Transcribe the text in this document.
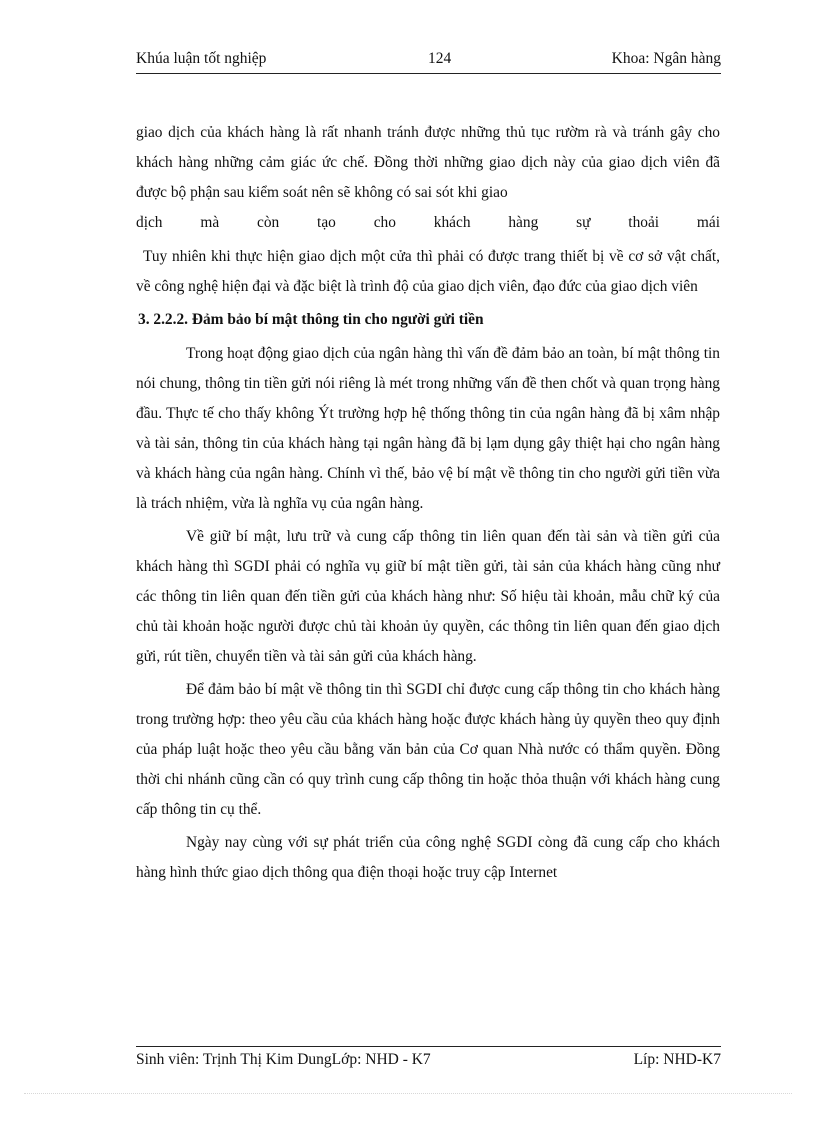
Khúa luận tốt nghiệp	124	Khoa: Ngân hàng

giao dịch của khách hàng là rất nhanh tránh được những thủ tục rườm rà và tránh gây cho khách hàng những cảm giác ức chế. Đồng thời những giao dịch này của giao dịch viên đã được bộ phận sau kiểm soát nên sẽ không có sai sót khi giao
dịch mà còn tạo cho khách hàng sự thoải mái

Tuy nhiên khi thực hiện giao dịch một cửa thì phải có được trang thiết bị về cơ sở vật chất, về công nghệ hiện đại và đặc biệt là trình độ của giao dịch viên, đạo đức của giao dịch viên

3. 2.2.2. Đảm bảo bí mật thông tin cho người gửi tiền

Trong hoạt động giao dịch của ngân hàng thì vấn đề đảm bảo an toàn, bí mật thông tin nói chung, thông tin tiền gửi nói riêng là mét trong những vấn đề then chốt và quan trọng hàng đầu. Thực tế cho thấy không Ýt trường hợp hệ thống thông tin của ngân hàng đã bị xâm nhập và tài sản, thông tin của khách hàng tại ngân hàng đã bị lạm dụng gây thiệt hại cho ngân hàng và khách hàng của ngân hàng. Chính vì thế, bảo vệ bí mật về thông tin cho người gửi tiền vừa là trách nhiệm, vừa là nghĩa vụ của ngân hàng.

Về giữ bí mật, lưu trữ và cung cấp thông tin liên quan đến tài sản và tiền gửi của khách hàng thì SGDI phải có nghĩa vụ giữ bí mật tiền gửi, tài sản của khách hàng cũng như các thông tin liên quan đến tiền gửi của khách hàng như: Số hiệu tài khoản, mẫu chữ ký của chủ tài khoản hoặc người được chủ tài khoản ủy quyền, các thông tin liên quan đến giao dịch gửi, rút tiền, chuyển tiền và tài sản gửi của khách hàng.

Để đảm bảo bí mật về thông tin thì SGDI chỉ được cung cấp thông tin cho khách hàng trong trường hợp: theo yêu cầu của khách hàng hoặc được khách hàng ủy quyền theo quy định của pháp luật hoặc theo yêu cầu bằng văn bản của Cơ quan Nhà nước có thẩm quyền. Đồng thời chi nhánh cũng cần có quy trình cung cấp thông tin hoặc thỏa thuận với khách hàng cung cấp thông tin cụ thể.

Ngày nay cùng với sự phát triển của công nghệ SGDI còng đã cung cấp cho khách hàng hình thức giao dịch thông qua điện thoại hoặc truy cập Internet

Sinh viên: Trịnh Thị Kim DungLớp: NHD - K7	Líp: NHD-K7
